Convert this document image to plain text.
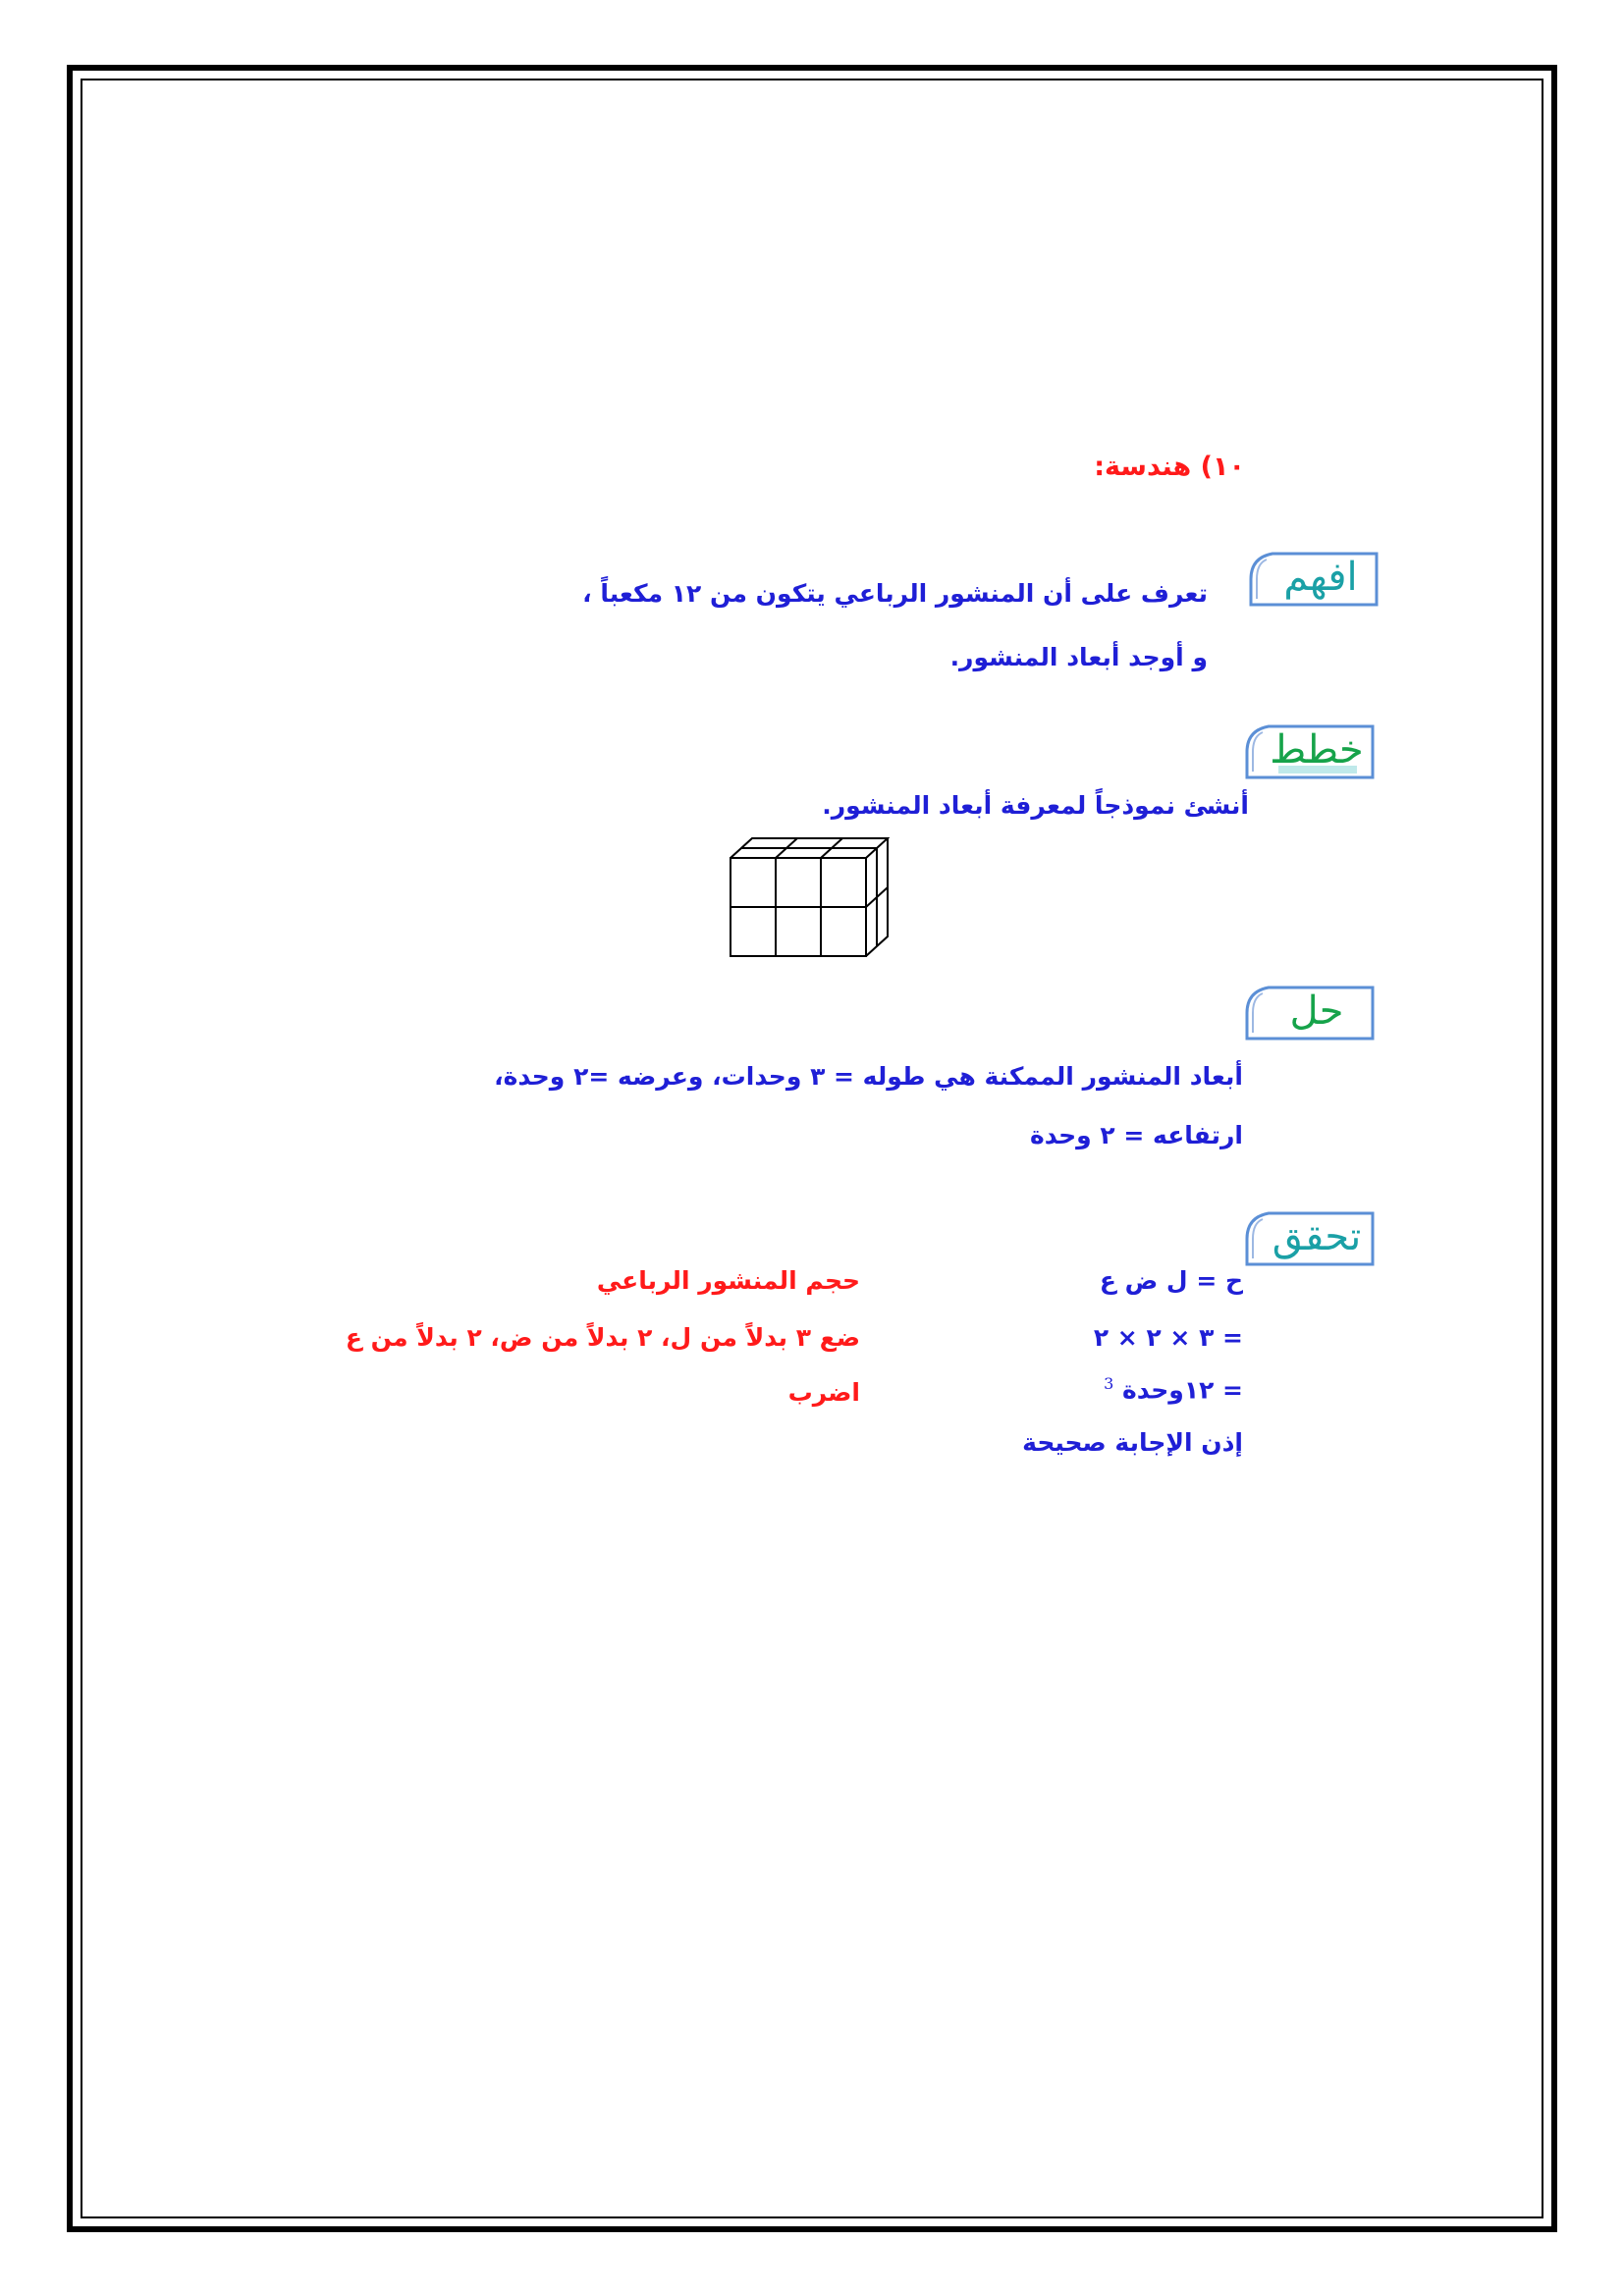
١٠) هندسة:
افهم
تعرف على أن المنشور الرباعي يتكون من ١٢ مكعباً ،
و أوجد أبعاد المنشور.
خطط
أنشئ نموذجاً لمعرفة أبعاد المنشور.
حل
أبعاد المنشور الممكنة هي طوله = ٣ وحدات، وعرضه =٢ وحدة،
ارتفاعه = ٢ وحدة
تحقق
ح = ل ض ع
= ٣ × ٢ × ٢
= ١٢وحدة $^3$
إذن الإجابة صحيحة
حجم المنشور الرباعي
ضع ٣ بدلاً من ل، ٢ بدلاً من ض، ٢ بدلاً من ع
اضرب
